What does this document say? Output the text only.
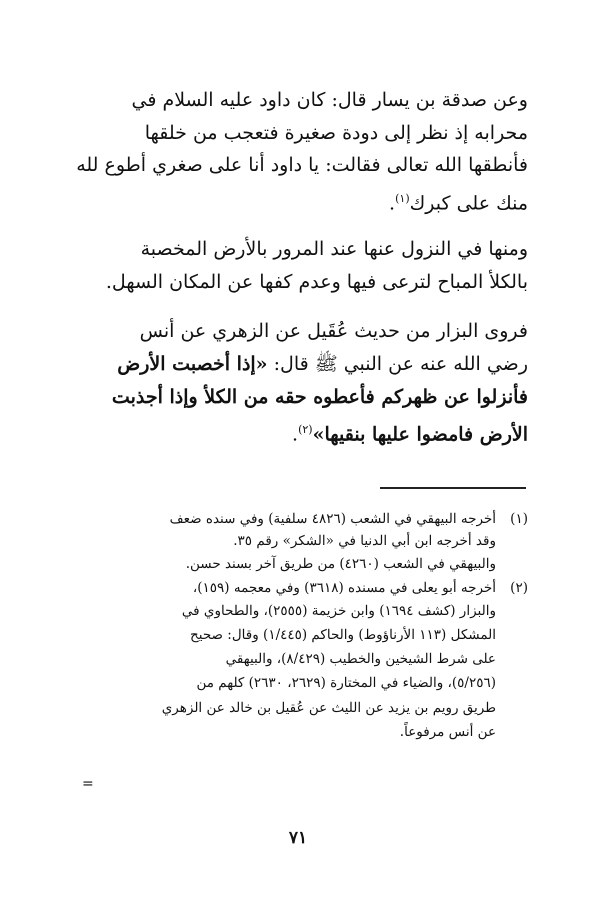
وعن صدقة بن يسار قال: كان داود عليه السلام في
محرابه إذ نظر إلى دودة صغيرة فتعجب من خلقها
فأنطقها الله تعالى فقالت: يا داود أنا على صغري أطوع لله
منك على كبرك$^{(١)}$.
ومنها في النزول عنها عند المرور بالأرض المخصبة
بالكلأ المباح لترعى فيها وعدم كفها عن المكان السهل.
فروى البزار من حديث عُقَيل عن الزهري عن أنس
رضي الله عنه عن النبي ﷺ قال: «إذا أخصبت الأرض
فأنزلوا عن ظهركم فأعطوه حقه من الكلأ وإذا أجذبت
الأرض فامضوا عليها بنقيها»$^{(٢)}$.
(١)
أخرجه البيهقي في الشعب (٤٨٢٦ سلفية) وفي سنده ضعف
وقد أخرجه ابن أبي الدنيا في «الشكر» رقم ٣٥.
والبيهقي في الشعب (٤٢٦٠) من طريق آخر بسند حسن.
(٢)
أخرجه أبو يعلى في مسنده (٣٦١٨) وفي معجمه (١٥٩)،
والبزار (كشف ١٦٩٤) وابن خزيمة (٢٥٥٥)، والطحاوي في
المشكل (١١٣ الأرناؤوط) والحاكم (١/٤٤٥) وقال: صحيح
على شرط الشيخين والخطيب (٨/٤٢٩)، والبيهقي
(٥/٢٥٦)، والضياء في المختارة (٢٦٢٩، ٢٦٣٠) كلهم من
طريق رويم بن يزيد عن الليث عن عُقيل بن خالد عن الزهري
عن أنس مرفوعاً.
=
٧١
